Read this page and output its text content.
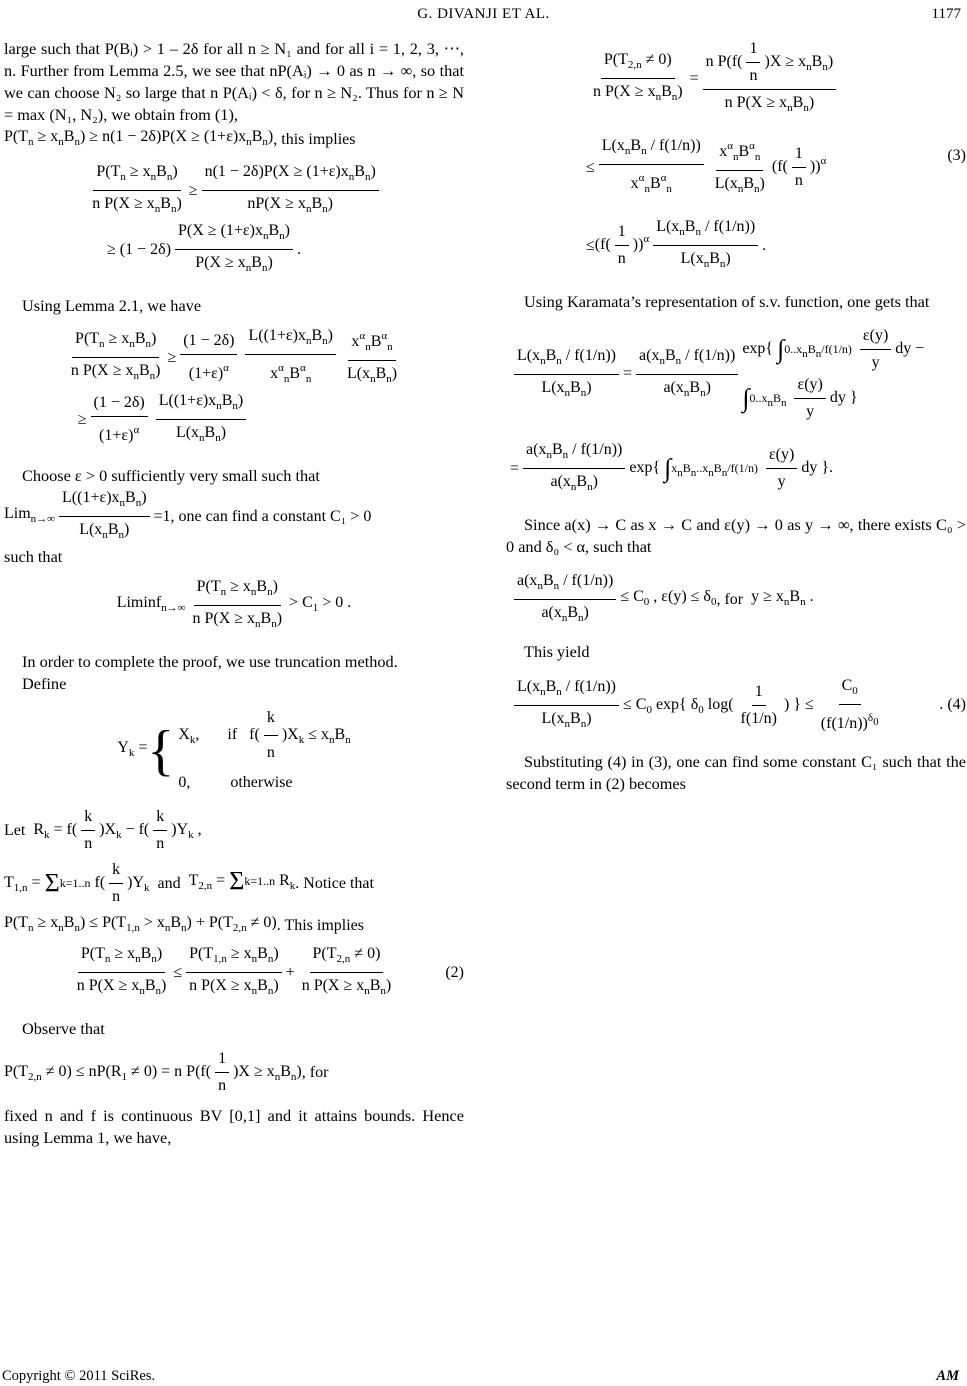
G. DIVANJI ET AL.	1177

large such that P(Bᵢ) > 1 – 2δ for all n ≥ N₁ and for all i = 1, 2, 3, ⋯, n. Further from Lemma 2.5, we see that nP(Aᵢ) → 0 as n → ∞, so that we can choose N₂ so large that n P(Aᵢ) < δ, for n ≥ N₂. Thus for n ≥ N = max (N₁, N₂), we obtain from (1),

$P(T_n \ge x_nB_n) \ge n(1 - 2\delta)P(X \ge (1+\varepsilon)x_nB_n)$ , this implies
$\frac{P(T_n \ge x_nB_n)}{n P(X \ge x_nB_n)} \ge \frac{n(1 - 2\delta)P(X \ge (1+\varepsilon)x_nB_n)}{nP(X \ge x_nB_n)}$
≥ $(1 - 2\delta) \frac{P(X \ge (1+\varepsilon)x_nB_n)}{P(X \ge x_nB_n)}$ .

Using Lemma 2.1, we have

$\frac{P(T_n \ge x_nB_n)}{n P(X \ge x_nB_n)} \ge \frac{(1 - 2\delta)}{(1+\varepsilon)^\alpha} \frac{L((1+\varepsilon)x_nB_n)}{x^\alpha_nB^\alpha_n} \frac{x^\alpha_nB^\alpha_n}{L(x_nB_n)}$
≥ $\frac{(1 - 2\delta)}{(1+\varepsilon)^\alpha} \frac{L((1+\varepsilon)x_nB_n)}{L(x_nB_n)}$

Choose ε > 0 sufficiently very small such that

$Lim_{n\to\infty} \frac{L((1+\varepsilon)x_nB_n)}{L(x_nB_n)} =1$ , one can find a constant C₁ > 0

such that

$Liminf_{n\to\infty} \frac{P(T_n \ge x_nB_n)}{n P(X \ge x_nB_n)} > C_1 > 0$ .

In order to complete the proof, we use truncation method.

Define

$Y_k$ = { $X_k$,       if   $f( \frac{k}{n} )X_k \le x_nB_n$
0,          otherwise
Let $R_k = f( \frac{k}{n} )X_k - f( \frac{k}{n} )Y_k$ ,
$T_{1,n} = \Sigma k=1..n$ $f( \frac{k}{n} )Y_k$ and $T_{2,n} = \Sigma k=1..n$ $R_k$ . Notice that
$P(T_n \ge x_nB_n) \le P(T_{1,n} > x_nB_n) + P(T_{2,n} \ne 0)$ . This implies
$\frac{P(T_n \ge x_nB_n)}{n P(X \ge x_nB_n)} \le \frac{P(T_{1,n} \ge x_nB_n)}{n P(X \ge x_nB_n)} + \frac{P(T_{2,n} \ne 0)}{n P(X \ge x_nB_n)}$	(2)

Observe that

$P(T_{2,n} \ne 0) \le nP(R_1 \ne 0) = n$ $P(f( \frac{1}{n} )X \ge x_nB_n)$ , for

fixed n and f is continuous BV [0,1] and it attains bounds. Hence using Lemma 1, we have,

$\frac{P(T_{2,n} \ne 0)}{n P(X \ge x_nB_n)} = \frac{n P(f( \frac{1}{n} )X \ge x_nB_n)}{n P(X \ge x_nB_n)}$
≤ $\frac{L(x_nB_n / f(1/n))}{x^\alpha_nB^\alpha_n} \frac{x^\alpha_nB^\alpha_n}{L(x_nB_n)} (f( \frac{1}{n} ))^\alpha$	(3)
≤ $(f( \frac{1}{n} ))^\alpha \frac{L(x_nB_n / f(1/n))}{L(x_nB_n)}$ .

Using Karamata’s representation of s.v. function, one gets that

$\frac{L(x_nB_n / f(1/n))}{L(x_nB_n)} = \frac{a(x_nB_n / f(1/n))}{a(x_nB_n)} \exp${ ∫0..xnBn/f(1/n) $\frac{\varepsilon(y)}{y}$ dy − ∫0..xnBn $\frac{\varepsilon(y)}{y}$ dy }
= $\frac{a(x_nB_n / f(1/n))}{a(x_nB_n)} \exp${ ∫xnBn..xnBn/f(1/n) $\frac{\varepsilon(y)}{y}$ dy }.

Since a(x) → C as x → C and ε(y) → 0 as y → ∞, there exists C₀ > 0 and δ₀ < α, such that

$\frac{a(x_nB_n / f(1/n))}{a(x_nB_n)} \le C_0$ , $\varepsilon(y) \le \delta_0$ , for $y \ge x_nB_n$ .

This yield

$\frac{L(x_nB_n / f(1/n))}{L(x_nB_n)} \le C_0$ exp{ $\delta_0$ $\log( \frac{1}{f(1/n)}$ ) } ≤ $\frac{C_0}{(f(1/n))^{\delta 0}}$	. (4)

Substituting (4) in (3), one can find some constant C₁ such that the second term in (2) becomes

Copyright © 2011 SciRes.	AM
